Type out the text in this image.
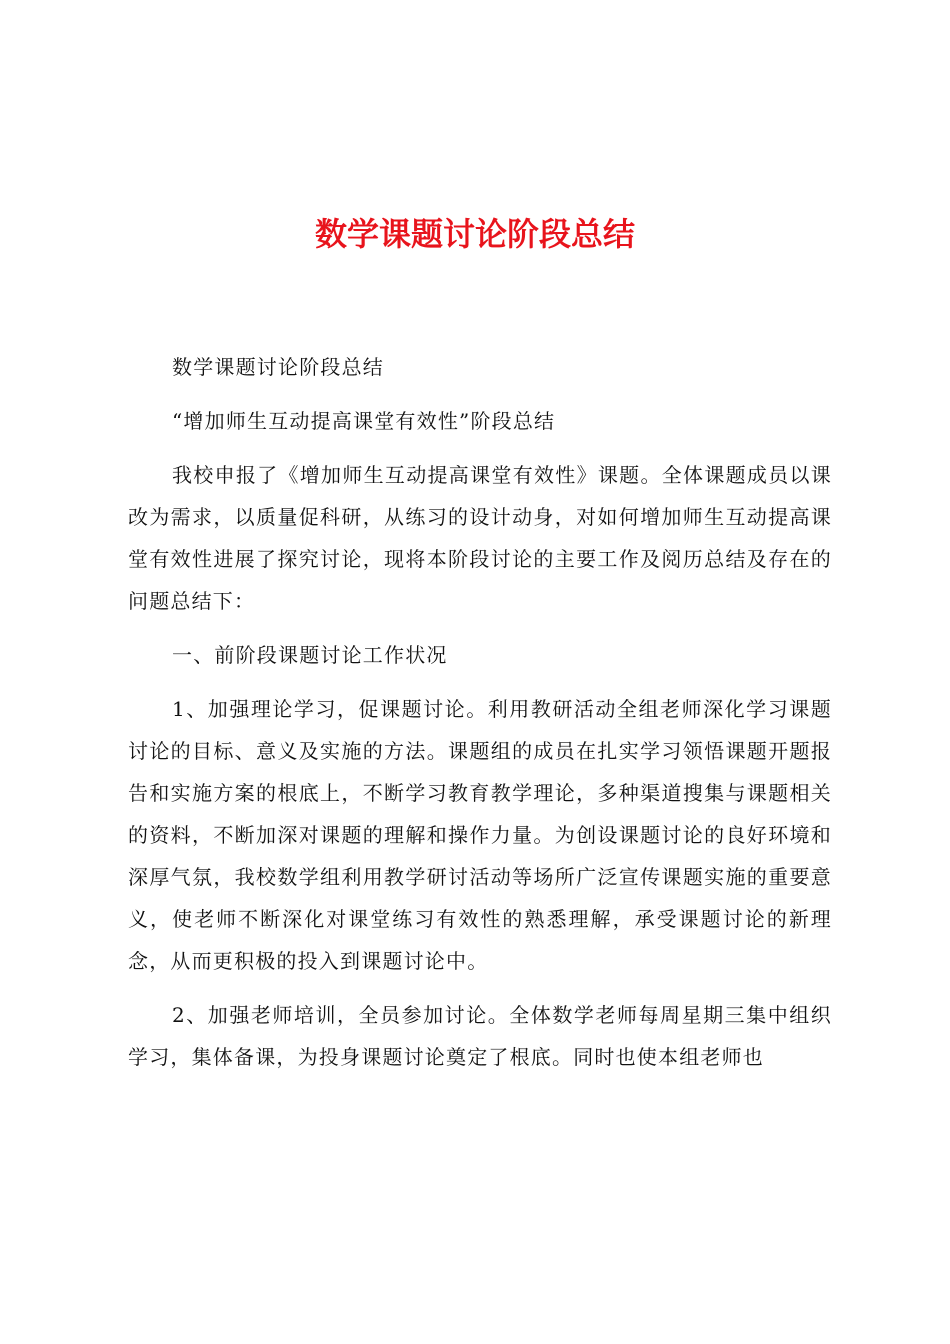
数学课题讨论阶段总结

数学课题讨论阶段总结

“增加师生互动提高课堂有效性”阶段总结

我校申报了《增加师生互动提高课堂有效性》课题。全体课题成员以课改为需求，以质量促科研，从练习的设计动身，对如何增加师生互动提高课堂有效性进展了探究讨论，现将本阶段讨论的主要工作及阅历总结及存在的问题总结下：

一、前阶段课题讨论工作状况

1、加强理论学习，促课题讨论。利用教研活动全组老师深化学习课题讨论的目标、意义及实施的方法。课题组的成员在扎实学习领悟课题开题报告和实施方案的根底上，不断学习教育教学理论，多种渠道搜集与课题相关的资料，不断加深对课题的理解和操作力量。为创设课题讨论的良好环境和深厚气氛，我校数学组利用教学研讨活动等场所广泛宣传课题实施的重要意义，使老师不断深化对课堂练习有效性的熟悉理解，承受课题讨论的新理念，从而更积极的投入到课题讨论中。

2、加强老师培训，全员参加讨论。全体数学老师每周星期三集中组织学习，集体备课，为投身课题讨论奠定了根底。同时也使本组老师也
